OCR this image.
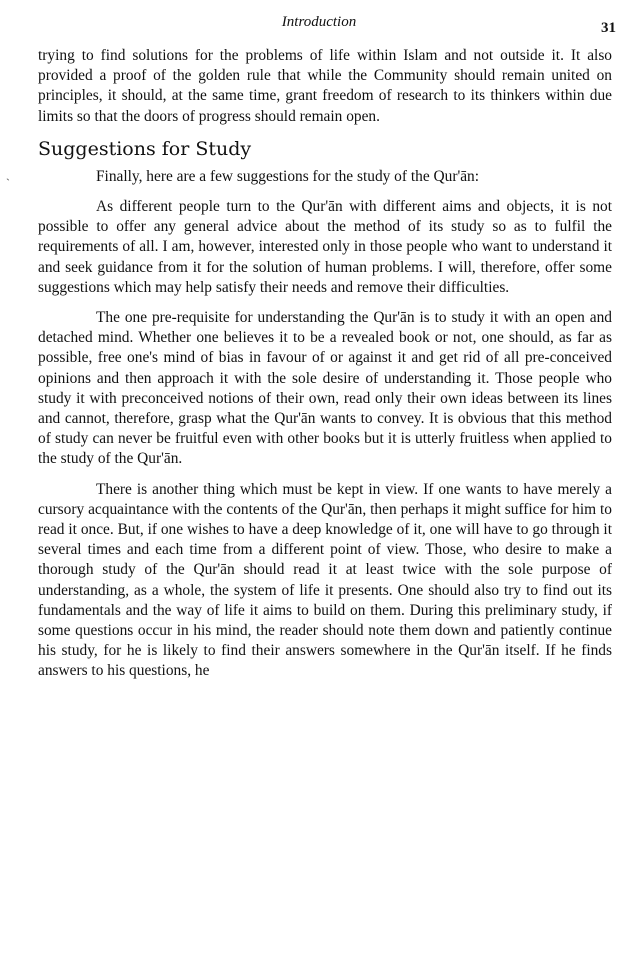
Introduction	31
`

trying to find solutions for the problems of life within Islam and not outside it. It also provided a proof of the golden rule that while the Community should remain united on principles, it should, at the same time, grant freedom of research to its thinkers within due limits so that the doors of progress should remain open.

Suggestions for Study

Finally, here are a few suggestions for the study of the Qur'ān:

As different people turn to the Qur'ān with different aims and objects, it is not possible to offer any general advice about the method of its study so as to fulfil the requirements of all. I am, however, interested only in those people who want to understand it and seek guidance from it for the solution of human problems. I will, therefore, offer some suggestions which may help satisfy their needs and remove their difficulties.

The one pre-requisite for understanding the Qur'ān is to study it with an open and detached mind. Whether one believes it to be a revealed book or not, one should, as far as possible, free one's mind of bias in favour of or against it and get rid of all pre-conceived opinions and then approach it with the sole desire of understanding it. Those people who study it with preconceived notions of their own, read only their own ideas between its lines and cannot, therefore, grasp what the Qur'ān wants to convey. It is obvious that this method of study can never be fruitful even with other books but it is utterly fruitless when applied to the study of the Qur'ān.

There is another thing which must be kept in view. If one wants to have merely a cursory acquaintance with the contents of the Qur'ān, then perhaps it might suffice for him to read it once. But, if one wishes to have a deep knowledge of it, one will have to go through it several times and each time from a different point of view. Those, who desire to make a thorough study of the Qur'ān should read it at least twice with the sole purpose of understanding, as a whole, the system of life it presents. One should also try to find out its fundamentals and the way of life it aims to build on them. During this preliminary study, if some questions occur in his mind, the reader should note them down and patiently continue his study, for he is likely to find their answers somewhere in the Qur'ān itself. If he finds answers to his questions, he
